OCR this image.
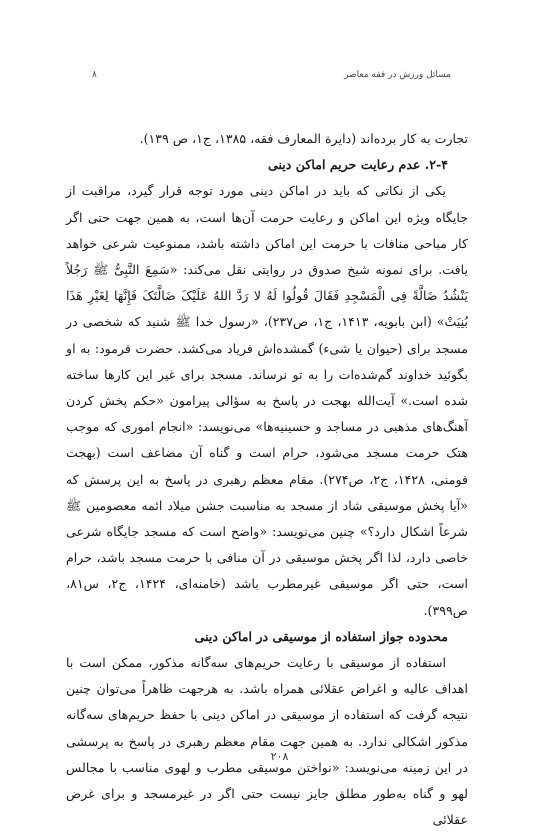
مسائل ورزش در فقه معاصر
۸

تجارت به کار برده‌اند (دایرة المعارف فقه، ۱۳۸۵، ج۱، ص ۱۳۹).

۲-۴. عدم رعایت حریم اماکن دینی

یکی از نکاتی که باید در اماکن دینی مورد توجه قرار گیرد، مراقبت از جایگاه ویژه این اماکن و رعایت حرمت آن‌ها است، به همین جهت حتی اگر کار مباحی منافات با حرمت این اماکن داشته باشد، ممنوعیت شرعی خواهد یافت. برای نمونه شیخ صدوق در روایتی نقل می‌کند: «سَمِعَ النَّبِیُّ ﷺ رَجُلاً یَنْشُدُ ضَالَّةً فِی الْمَسْجِدِ فَقَالَ قُولُوا لَهُ لا رَدَّ اللهُ عَلَیْکَ ضَالَّتَکَ فَإِنَّهَا لِغَیْرِ هَذَا بُنِیَتْ» (ابن بابویه، ۱۴۱۳، ج۱، ص۲۳۷)، «رسول خدا ﷺ شنید که شخصی در مسجد برای (حیوان یا شیء) گمشده‌اش فریاد می‌کشد. حضرت فرمود: به او بگوئید خداوند گم‌شده‌ات را به تو نرساند. مسجد برای غیر این کارها ساخته شده است.» آیت‌الله بهجت در پاسخ به سؤالی پیرامون «حکم پخش کردن آهنگ‌های مذهبی در مساجد و حسینیه‌ها» می‌نویسد: «انجام اموری که موجب هتک حرمت مسجد می‌شود، حرام است و گناه آن مضاعف است (بهجت فومنی، ۱۴۲۸، ج۲، ص۲۷۴). مقام معظم رهبری در پاسخ به این پرسش که «آیا پخش موسیقی شاد از مسجد به مناسبت جشن میلاد ائمه معصومین ﷺ شرعاً اشکال دارد؟» چنین می‌نویسد: «واضح است که مسجد جایگاه شرعی خاصی دارد، لذا اگر پخش موسیقی در آن منافی با حرمت مسجد باشد، حرام است، حتی اگر موسیقی غیرمطرب باشد (خامنه‌ای، ۱۴۲۴، ج۲، س۸۱، ص۳۹۹).

محدوده جواز استفاده از موسیقی در اماکن دینی

استفاده از موسیقی با رعایت حریم‌های سه‌گانه مذکور، ممکن است با اهداف عالیه و اغراض عقلائی همراه باشد. به هرجهت ظاهراً می‌توان چنین نتیجه گرفت که استفاده از موسیقی در اماکن دینی با حفظ حریم‌های سه‌گانه مذکور اشکالی ندارد. به همین جهت مقام معظم رهبری در پاسخ به پرسشی در این زمینه می‌نویسد: «نواختن موسیقی مطرب و لهوی مناسب با مجالس لهو و گناه به‌طور مطلق جایز نیست حتی اگر در غیرمسجد و برای غرض عقلائی

۲۰۸
